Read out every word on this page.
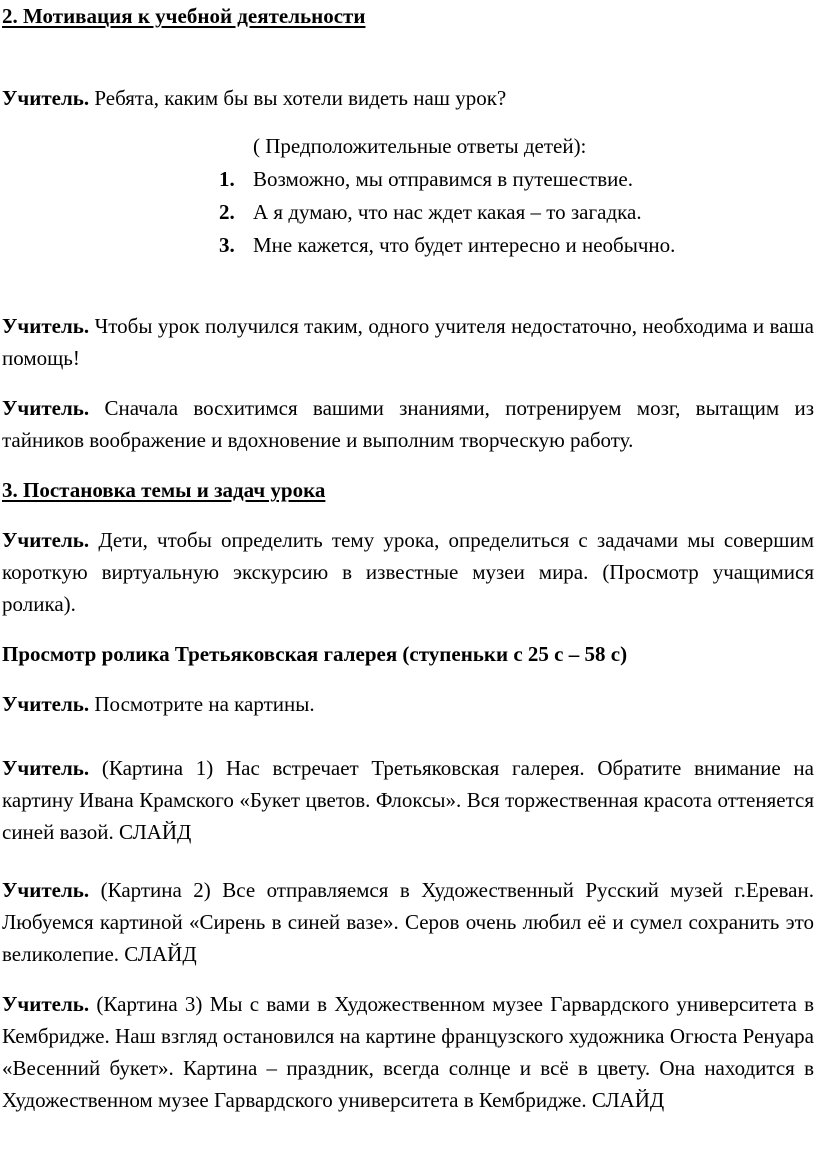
2. Мотивация к учебной деятельности
Учитель. Ребята, каким бы вы хотели видеть наш урок?
( Предположительные ответы детей):
1. Возможно, мы отправимся в путешествие.
2. А я думаю, что нас ждет какая – то загадка.
3. Мне кажется, что будет интересно и необычно.
Учитель. Чтобы урок получился таким, одного учителя недостаточно, необходима и ваша помощь!
Учитель. Сначала восхитимся вашими знаниями, потренируем мозг, вытащим из тайников воображение и вдохновение и выполним творческую работу.
3. Постановка темы и задач урока
Учитель. Дети, чтобы определить тему урока, определиться с задачами мы совершим короткую виртуальную экскурсию в известные музеи мира. (Просмотр учащимися ролика).
Просмотр ролика Третьяковская галерея (ступеньки с 25 с – 58 с)
Учитель. Посмотрите на картины.
Учитель. (Картина 1) Нас встречает Третьяковская галерея. Обратите внимание на картину Ивана Крамского «Букет цветов. Флоксы». Вся торжественная красота оттеняется синей вазой. СЛАЙД
Учитель. (Картина 2) Все отправляемся в Художественный Русский музей г.Ереван. Любуемся картиной «Сирень в синей вазе». Серов очень любил её и сумел сохранить это великолепие. СЛАЙД
Учитель. (Картина 3) Мы с вами в Художественном музее Гарвардского университета в Кембридже. Наш взгляд остановился на картине французского художника Огюста Ренуара «Весенний букет». Картина – праздник, всегда солнце и всё в цвету. Она находится в Художественном музее Гарвардского университета в Кембридже. СЛАЙД
